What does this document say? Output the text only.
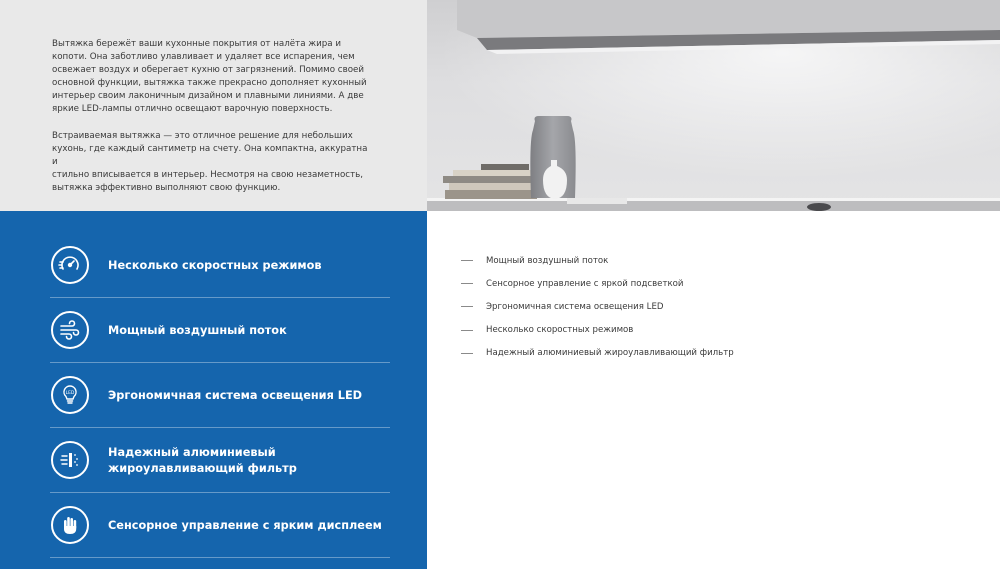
Вытяжка бережёт ваши кухонные покрытия от налёта жира и
копоти. Она заботливо улавливает и удаляет все испарения, чем
освежает воздух и оберегает кухню от загрязнений. Помимо своей
основной функции, вытяжка также прекрасно дополняет кухонный
интерьер своим лаконичным дизайном и плавными линиями. А две
яркие LED-лампы отлично освещают варочную поверхность.

Встраиваемая вытяжка — это отличное решение для небольших
кухонь, где каждый сантиметр на счету. Она компактна, аккуратна и
стильно вписывается в интерьер. Несмотря на свою незаметность,
вытяжка эффективно выполняют свою функцию.

Несколько скоростных режимов
Мощный воздушный поток
LED	Эргономичная система освещения LED
Надежный алюминиевый жироулавливающий фильтр
Сенсорное управление с ярким дисплеем
Мощный воздушный поток
Сенсорное управление с яркой подсветкой
Эргономичная система освещения LED
Несколько скоростных режимов
Надежный алюминиевый жироулавливающий фильтр
